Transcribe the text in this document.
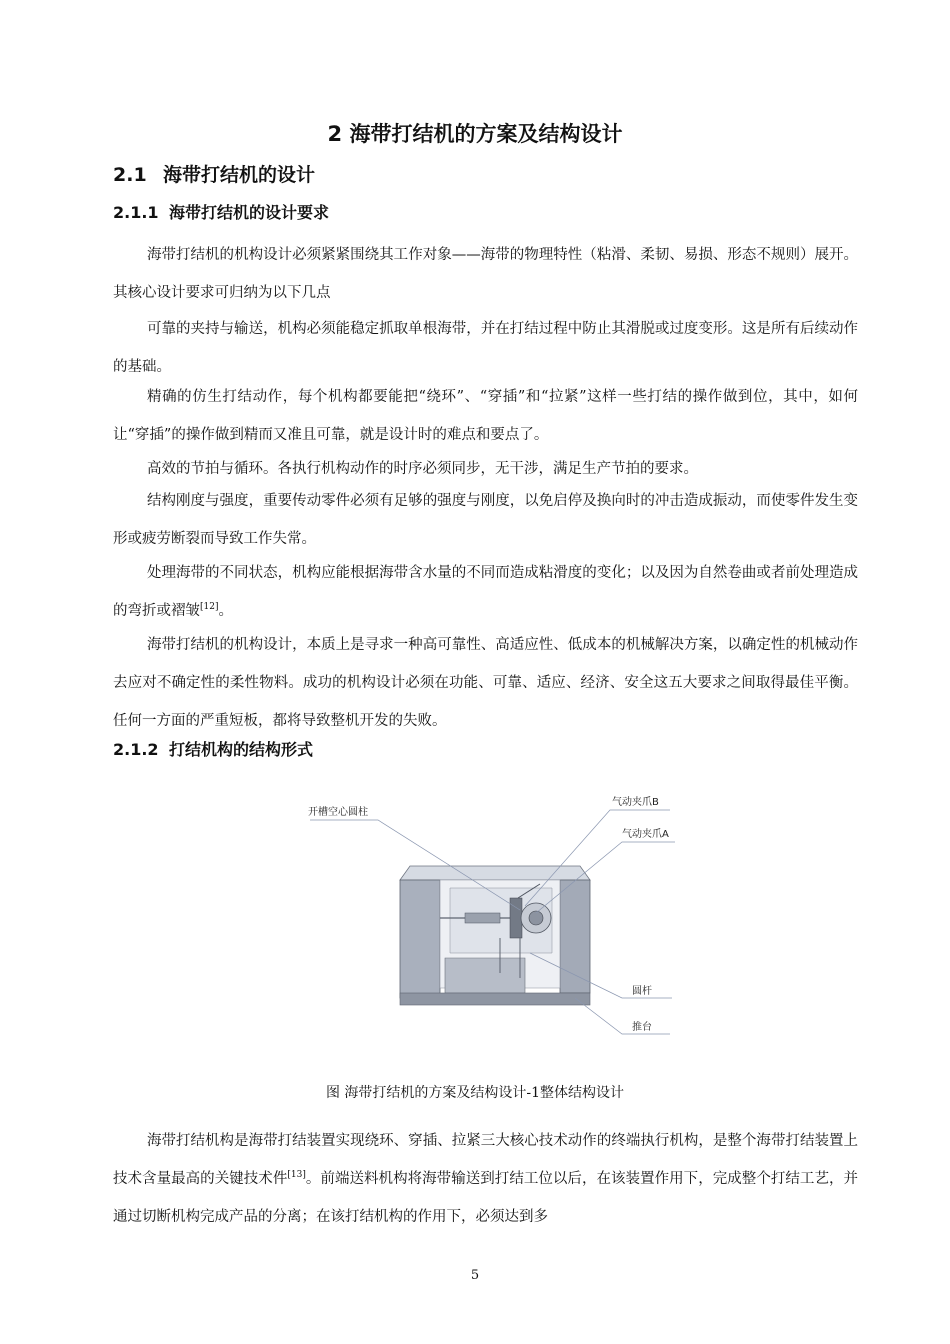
2 海带打结机的方案及结构设计
2.1 海带打结机的设计
2.1.1 海带打结机的设计要求

海带打结机的机构设计必须紧紧围绕其工作对象——海带的物理特性（粘滑、柔韧、易损、形态不规则）展开。其核心设计要求可归纳为以下几点

可靠的夹持与输送，机构必须能稳定抓取单根海带，并在打结过程中防止其滑脱或过度变形。这是所有后续动作的基础。

精确的仿生打结动作，每个机构都要能把“绕环”、“穿插”和“拉紧”这样一些打结的操作做到位，其中，如何让“穿插”的操作做到精而又准且可靠，就是设计时的难点和要点了。

高效的节拍与循环。各执行机构动作的时序必须同步，无干涉，满足生产节拍的要求。

结构刚度与强度，重要传动零件必须有足够的强度与刚度，以免启停及换向时的冲击造成振动，而使零件发生变形或疲劳断裂而导致工作失常。

处理海带的不同状态，机构应能根据海带含水量的不同而造成粘滑度的变化；以及因为自然卷曲或者前处理造成的弯折或褶皱[12]。

海带打结机的机构设计，本质上是寻求一种高可靠性、高适应性、低成本的机械解决方案，以确定性的机械动作去应对不确定性的柔性物料。成功的机构设计必须在功能、可靠、适应、经济、安全这五大要求之间取得最佳平衡。任何一方面的严重短板，都将导致整机开发的失败。

2.1.2 打结机构的结构形式
开槽空心圆柱
气动夹爪B
气动夹爪A
圆杆
推台
图 海带打结机的方案及结构设计-1整体结构设计

海带打结机构是海带打结装置实现绕环、穿插、拉紧三大核心技术动作的终端执行机构，是整个海带打结装置上技术含量最高的关键技术件[13]。前端送料机构将海带输送到打结工位以后，在该装置作用下，完成整个打结工艺，并通过切断机构完成产品的分离；在该打结机构的作用下，必须达到多

5
